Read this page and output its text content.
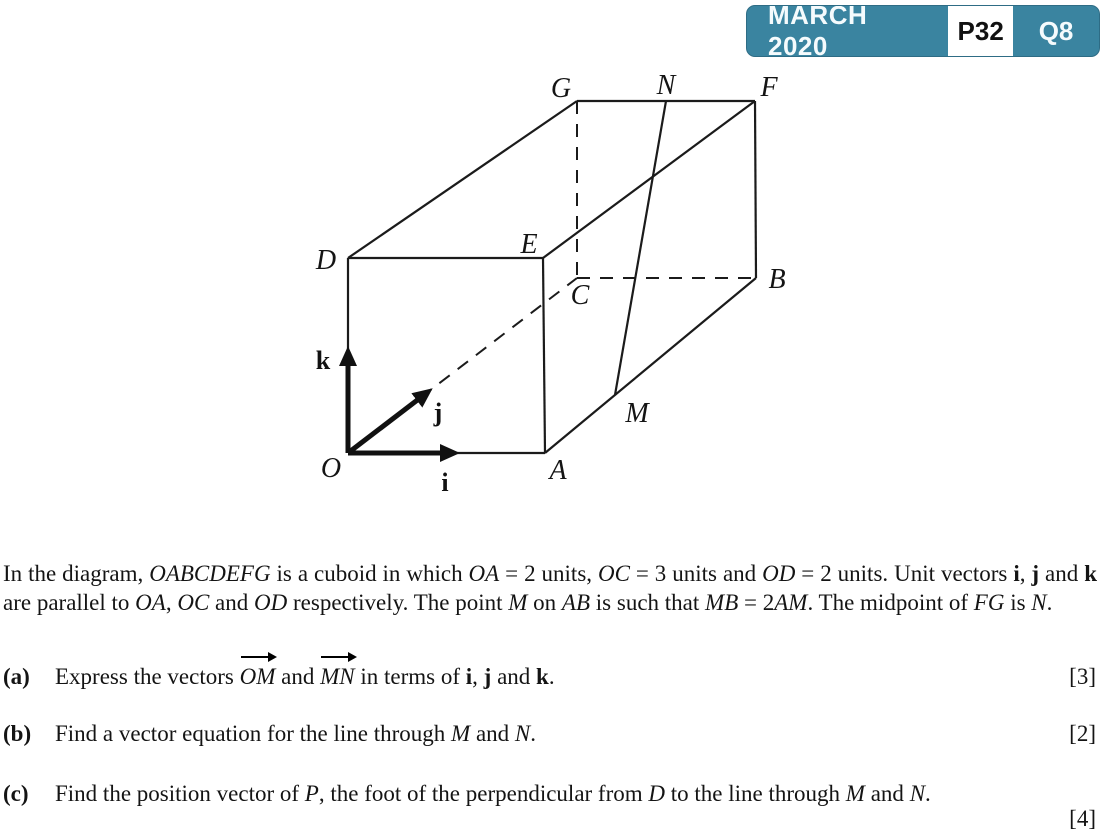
MARCH 2020
P32	Q8
O	A
B
C
D
E
F
G
M
N
k
j
i

In the diagram, OABCDEFG is a cuboid in which OA = 2 units, OC = 3 units and OD = 2 units. Unit vectors i, j and k are parallel to OA, OC and OD respectively. The point M on AB is such that MB = 2AM. The midpoint of FG is N.

(a) Express the vectors OM and MN in terms of i, j and k.	[3]
(b) Find a vector equation for the line through M and N.	[2]
(c) Find the position vector of P, the foot of the perpendicular from D to the line through M and N.
[4]
